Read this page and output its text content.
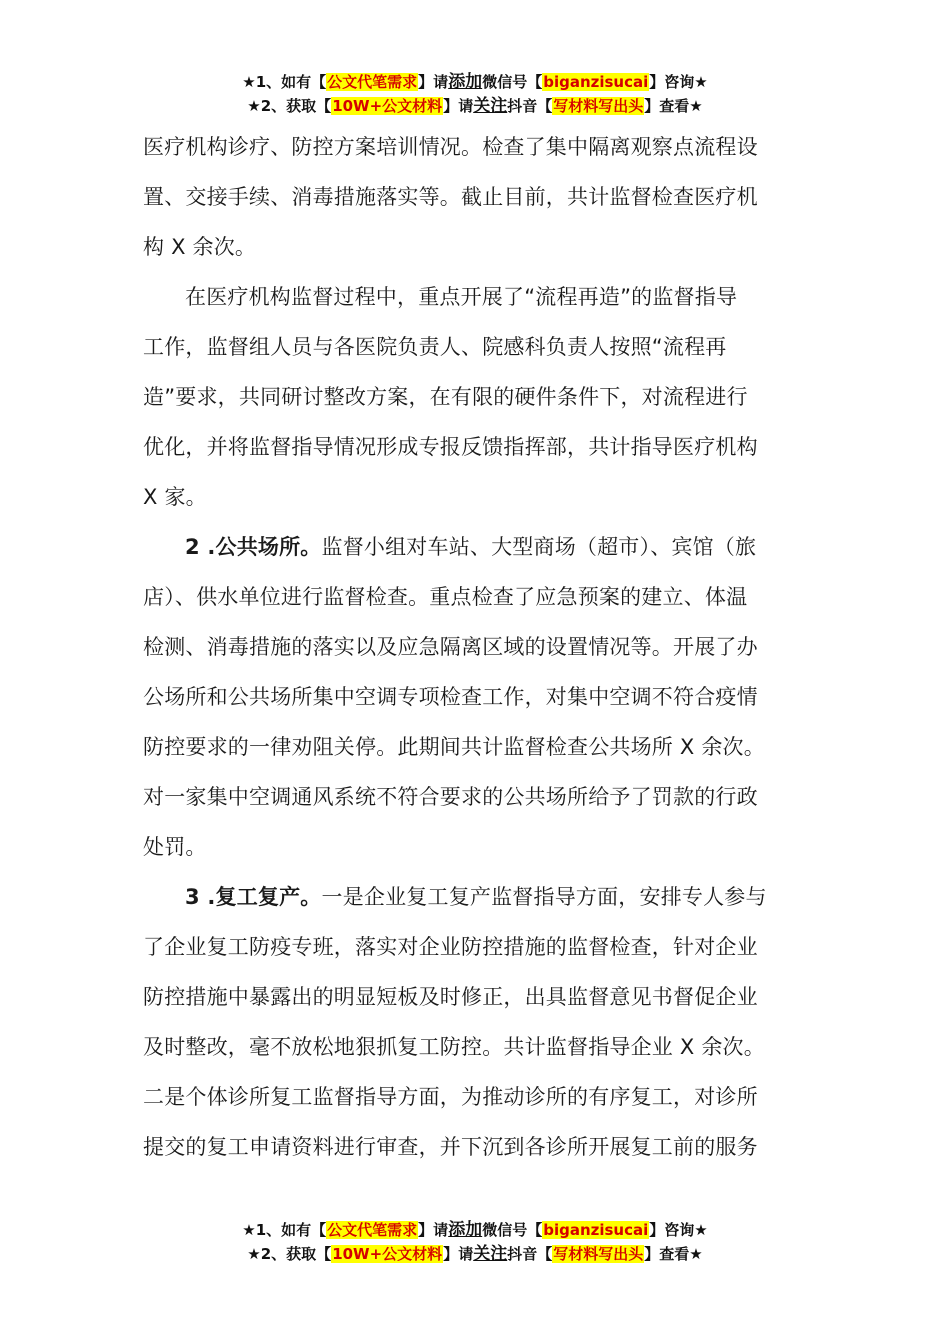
★1、如有【公文代笔需求】请添加微信号【biganzisucai】咨询★
★2、获取【10W+公文材料】请关注抖音【写材料写出头】查看★
医疗机构诊疗、防控方案培训情况。检查了集中隔离观察点流程设
置、交接手续、消毒措施落实等。截止目前，共计监督检查医疗机
构 X 余次。
在医疗机构监督过程中，重点开展了“流程再造”的监督指导
工作，监督组人员与各医院负责人、院感科负责人按照“流程再
造”要求，共同研讨整改方案，在有限的硬件条件下，对流程进行
优化，并将监督指导情况形成专报反馈指挥部，共计指导医疗机构
X 家。
2 .公共场所。监督小组对车站、大型商场（超市）、宾馆（旅
店）、供水单位进行监督检查。重点检查了应急预案的建立、体温
检测、消毒措施的落实以及应急隔离区域的设置情况等。开展了办
公场所和公共场所集中空调专项检查工作，对集中空调不符合疫情
防控要求的一律劝阻关停。此期间共计监督检查公共场所 X 余次。
对一家集中空调通风系统不符合要求的公共场所给予了罚款的行政
处罚。
3 .复工复产。一是企业复工复产监督指导方面，安排专人参与
了企业复工防疫专班，落实对企业防控措施的监督检查，针对企业
防控措施中暴露出的明显短板及时修正，出具监督意见书督促企业
及时整改，毫不放松地狠抓复工防控。共计监督指导企业 X 余次。
二是个体诊所复工监督指导方面，为推动诊所的有序复工，对诊所
提交的复工申请资料进行审查，并下沉到各诊所开展复工前的服务
★1、如有【公文代笔需求】请添加微信号【biganzisucai】咨询★
★2、获取【10W+公文材料】请关注抖音【写材料写出头】查看★
